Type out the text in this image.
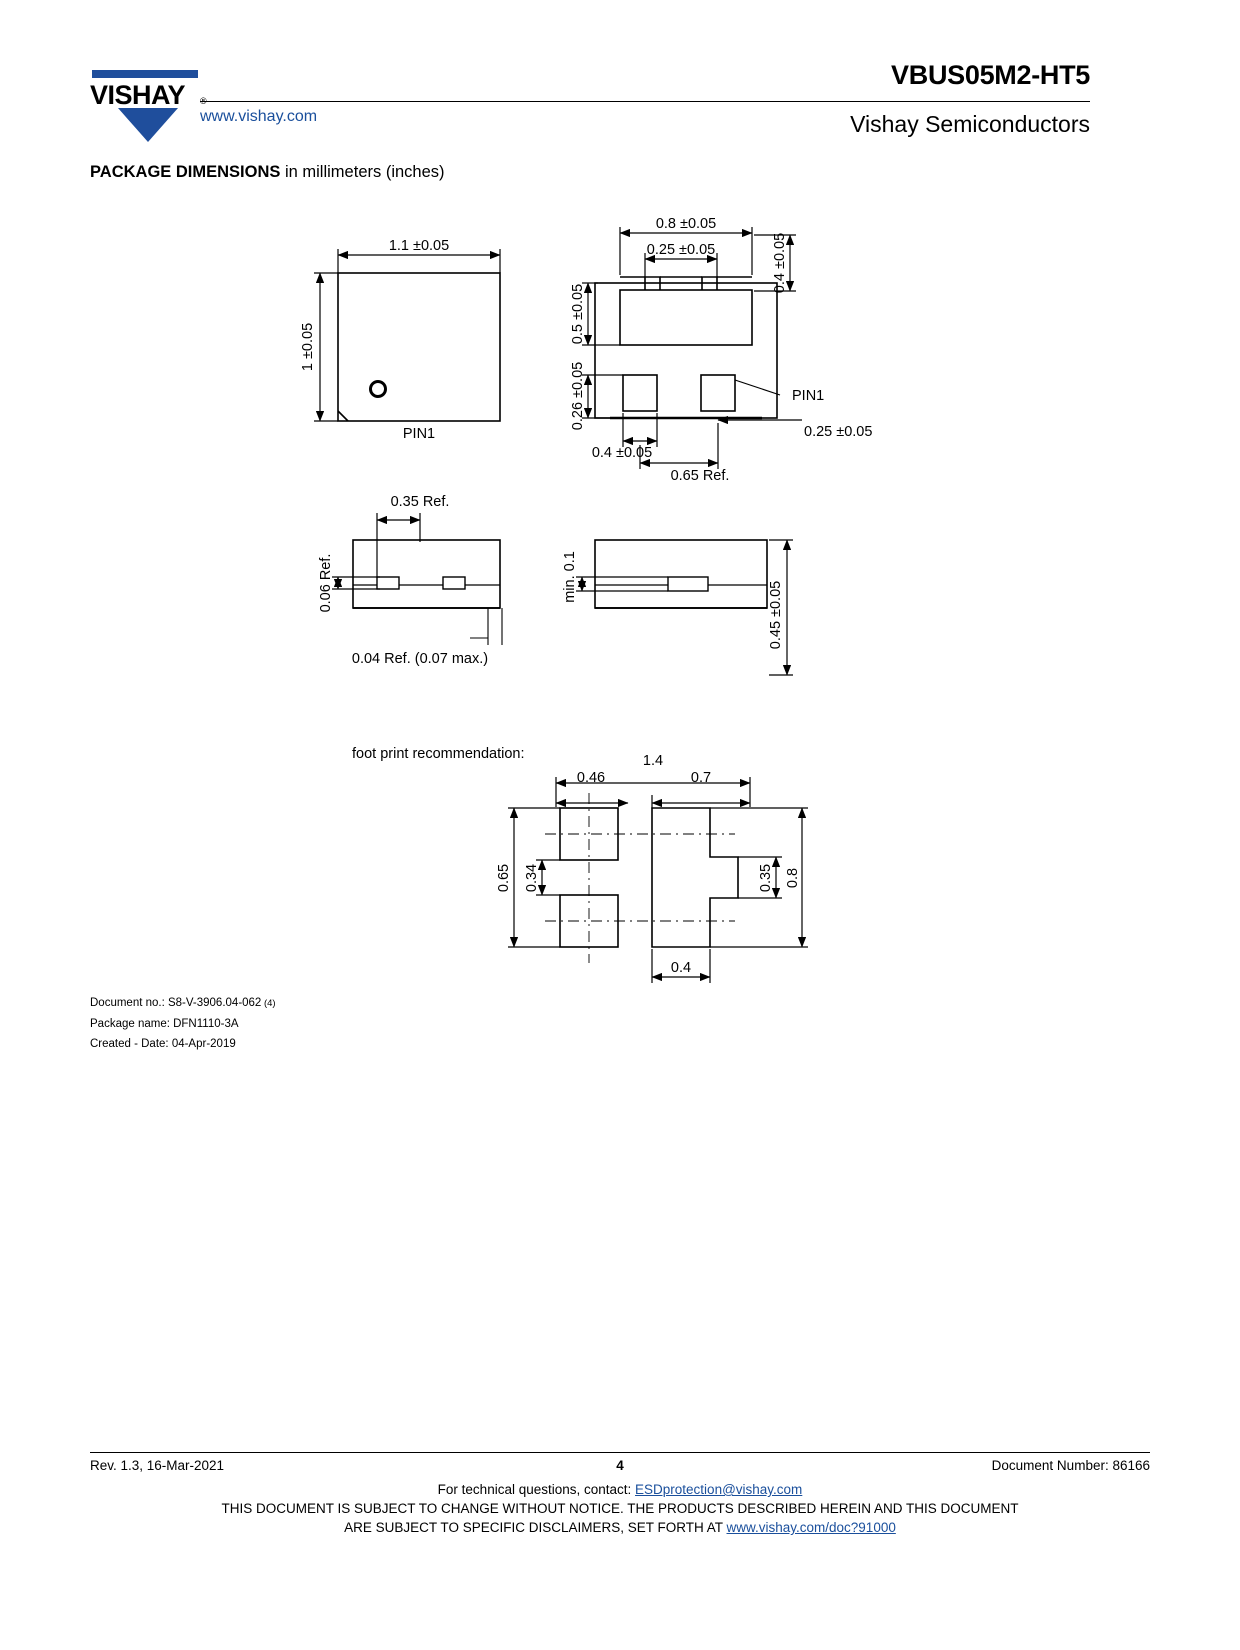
VISHAY ®
www.vishay.com
VBUS05M2-HT5
Vishay Semiconductors
PACKAGE DIMENSIONS in millimeters (inches)
1.1 ±0.05
1 ±0.05
PIN1
0.8 ±0.05
0.25 ±0.05	0.4 ±0.05
0.5 ±0.05
0.26 ±0.05
0.4 ±0.05
0.65 Ref.
0.25 ±0.05
PIN1
0.35 Ref.
0.06 Ref.
0.04 Ref. (0.07 max.)
min. 0.1
0.45 ±0.05
foot print recommendation:	1.4
0.46	0.7
0.65 0.34	0.35 0.8
0.4
Document no.: S8-V-3906.04-062 (4)
Package name: DFN1110-3A
Created - Date: 04-Apr-2019
Rev. 1.3, 16-Mar-2021	4	Document Number: 86166
For technical questions, contact: ESDprotection@vishay.com
THIS DOCUMENT IS SUBJECT TO CHANGE WITHOUT NOTICE. THE PRODUCTS DESCRIBED HEREIN AND THIS DOCUMENT
ARE SUBJECT TO SPECIFIC DISCLAIMERS, SET FORTH AT www.vishay.com/doc?91000
